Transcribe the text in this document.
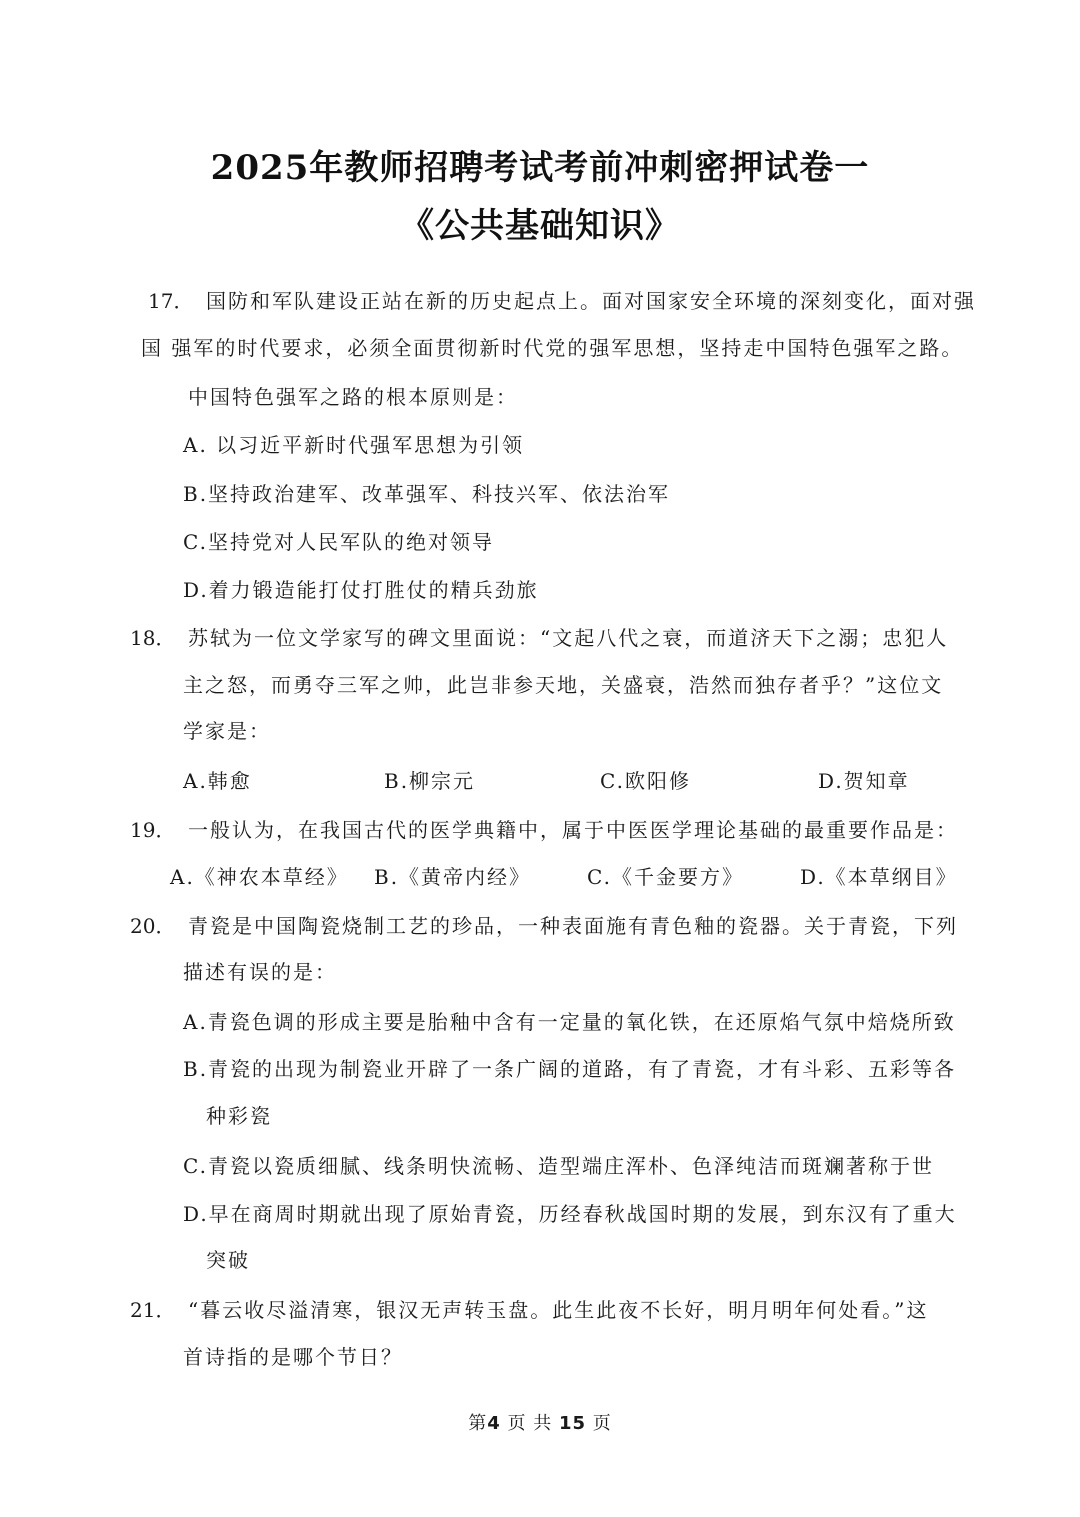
2025年教师招聘考试考前冲刺密押试卷一
《公共基础知识》
17． 国防和军队建设正站在新的历史起点上。面对国家安全环境的深刻变化，面对强
国 强军的时代要求，必须全面贯彻新时代党的强军思想，坚持走中国特色强军之路。
中国特色强军之路的根本原则是：
A. 以习近平新时代强军思想为引领
B.坚持政治建军、改革强军、科技兴军、依法治军
C.坚持党对人民军队的绝对领导
D.着力锻造能打仗打胜仗的精兵劲旅
18． 苏轼为一位文学家写的碑文里面说：“文起八代之衰，而道济天下之溺；忠犯人
主之怒，而勇夺三军之帅，此岂非参天地，关盛衰，浩然而独存者乎？”这位文
学家是：
A.韩愈	B.柳宗元	C.欧阳修	D.贺知章
19． 一般认为，在我国古代的医学典籍中，属于中医医学理论基础的最重要作品是：
A.《神农本草经》 B.《黄帝内经》	C.《千金要方》	D.《本草纲目》
20． 青瓷是中国陶瓷烧制工艺的珍品，一种表面施有青色釉的瓷器。关于青瓷，下列
描述有误的是：
A.青瓷色调的形成主要是胎釉中含有一定量的氧化铁，在还原焰气氛中焙烧所致
B.青瓷的出现为制瓷业开辟了一条广阔的道路，有了青瓷，才有斗彩、五彩等各
种彩瓷
C.青瓷以瓷质细腻、线条明快流畅、造型端庄浑朴、色泽纯洁而斑斓著称于世
D.早在商周时期就出现了原始青瓷，历经春秋战国时期的发展，到东汉有了重大
突破
21． “暮云收尽溢清寒，银汉无声转玉盘。此生此夜不长好，明月明年何处看。”这
首诗指的是哪个节日？
第4 页 共 15 页
